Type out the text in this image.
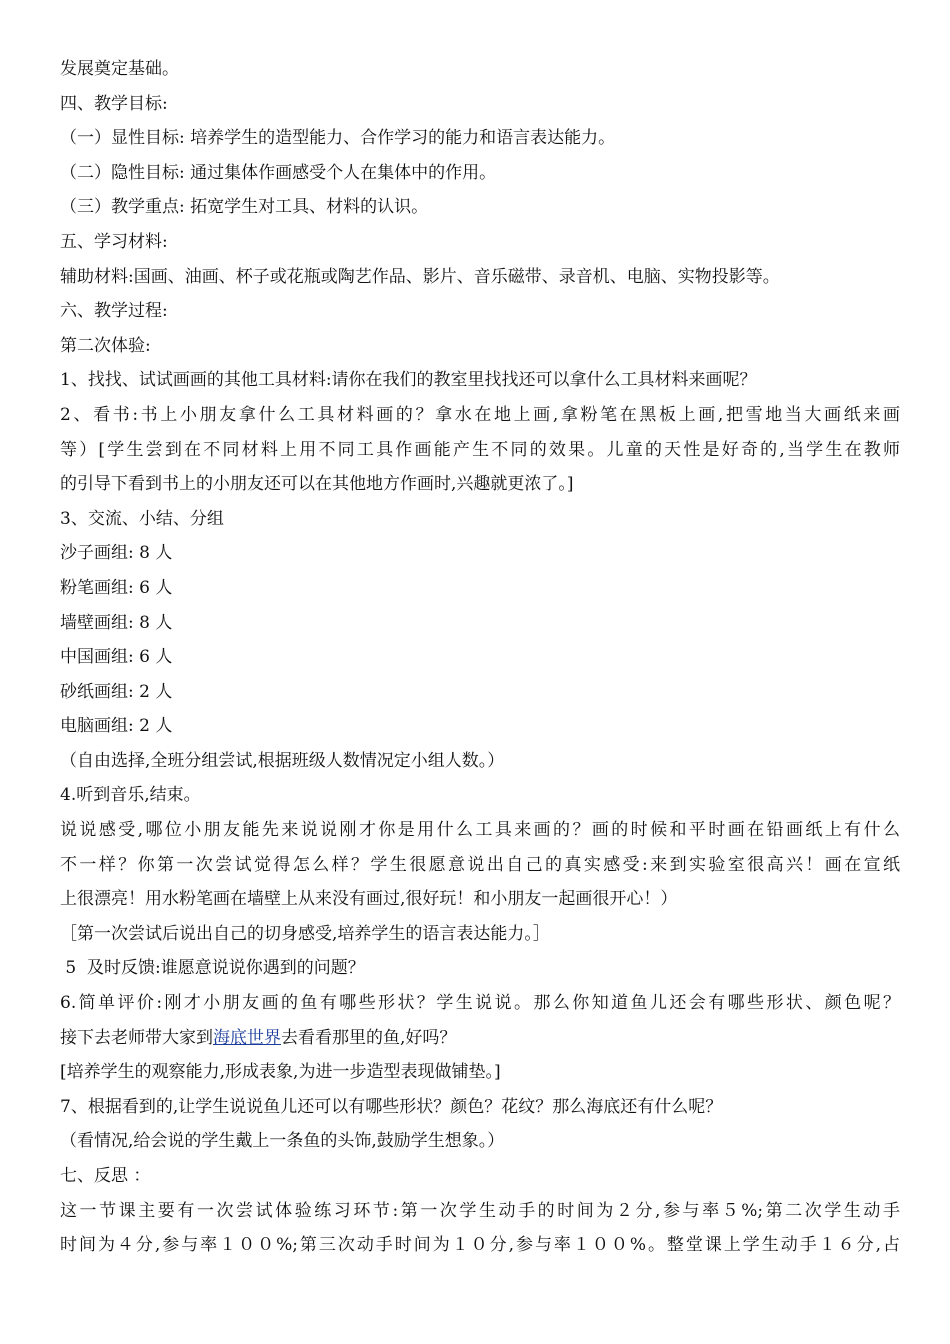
发展奠定基础。
四、教学目标:
（一）显性目标: 培养学生的造型能力、合作学习的能力和语言表达能力。
（二）隐性目标: 通过集体作画感受个人在集体中的作用。
（三）教学重点: 拓宽学生对工具、材料的认识。
五、学习材料:
辅助材料:国画、油画、杯子或花瓶或陶艺作品、影片、音乐磁带、录音机、电脑、实物投影等。
六、教学过程:
第二次体验:
1、找找、试试画画的其他工具材料:请你在我们的教室里找找还可以拿什么工具材料来画呢？
2、看书:书上小朋友拿什么工具材料画的？拿水在地上画,拿粉笔在黑板上画,把雪地当大画纸来画
等）[学生尝到在不同材料上用不同工具作画能产生不同的效果。儿童的天性是好奇的,当学生在教师
的引导下看到书上的小朋友还可以在其他地方作画时,兴趣就更浓了。]
3、交流、小结、分组
沙子画组: 8 人
粉笔画组: 6 人
墙壁画组: 8 人
中国画组: 6 人
砂纸画组: 2 人
电脑画组: 2 人
（自由选择,全班分组尝试,根据班级人数情况定小组人数。）
4.听到音乐,结束。
说说感受,哪位小朋友能先来说说刚才你是用什么工具来画的？画的时候和平时画在铅画纸上有什么
不一样？你第一次尝试觉得怎么样？学生很愿意说出自己的真实感受:来到实验室很高兴！画在宣纸
上很漂亮！用水粉笔画在墙壁上从来没有画过,很好玩！和小朋友一起画很开心！）
［第一次尝试后说出自己的切身感受,培养学生的语言表达能力。］
5  及时反馈:谁愿意说说你遇到的问题？
6.简单评价:刚才小朋友画的鱼有哪些形状？学生说说。那么你知道鱼儿还会有哪些形状、颜色呢？
接下去老师带大家到海底世界去看看那里的鱼,好吗？
[培养学生的观察能力,形成表象,为进一步造型表现做铺垫。]
7、根据看到的,让学生说说鱼儿还可以有哪些形状？颜色？花纹？那么海底还有什么呢？
（看情况,给会说的学生戴上一条鱼的头饰,鼓励学生想象。）
七、反思 ：
这一节课主要有一次尝试体验练习环节:第一次学生动手的时间为２分,参与率５%;第二次学生动手
时间为４分,参与率１００%;第三次动手时间为１０分,参与率１００%。整堂课上学生动手１６分,占
